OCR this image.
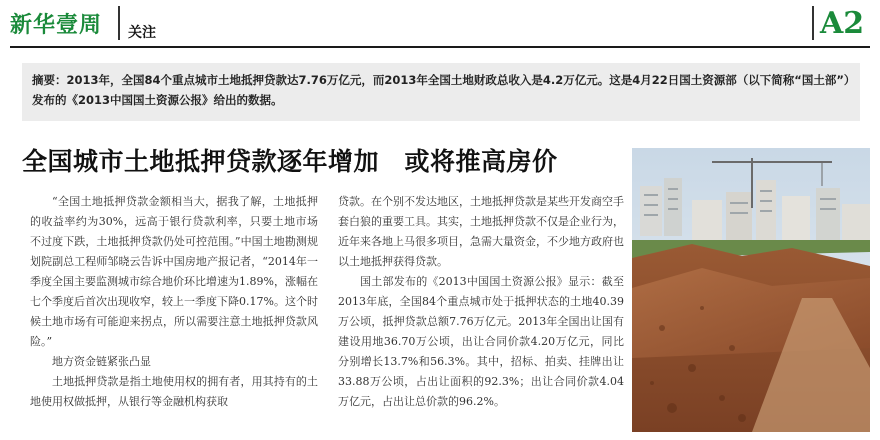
新华壹周 关注	A2
摘要：2013年，全国84个重点城市土地抵押贷款达7.76万亿元，而2013年全国土地财政总收入是4.2万亿元。这是4月22日国土资源部（以下简称“国土部”）发布的《2013中国国土资源公报》给出的数据。
全国城市土地抵押贷款逐年增加　或将推高房价

“全国土地抵押贷款金额相当大，据我了解，土地抵押的收益率约为30%，远高于银行贷款利率，只要土地市场不过度下跌，土地抵押贷款仍处可控范围。”中国土地勘测规划院副总工程师邹晓云告诉中国房地产报记者，“2014年一季度全国主要监测城市综合地价环比增速为1.89%，涨幅在七个季度后首次出现收窄，较上一季度下降0.17%。这个时候土地市场有可能迎来拐点，所以需要注意土地抵押贷款风险。”

地方资金链紧张凸显

土地抵押贷款是指土地使用权的拥有者，用其持有的土地使用权做抵押，从银行等金融机构获取

贷款。在个别不发达地区，土地抵押贷款是某些开发商空手套白狼的重要工具。其实，土地抵押贷款不仅是企业行为，近年来各地上马很多项目，急需大量资金，不少地方政府也以土地抵押获得贷款。

国土部发布的《2013中国国土资源公报》显示：截至2013年底，全国84个重点城市处于抵押状态的土地40.39万公顷，抵押贷款总额7.76万亿元。2013年全国出让国有建设用地36.70万公顷，出让合同价款4.20万亿元，同比分别增长13.7%和56.3%。其中，招标、拍卖、挂牌出让33.88万公顷，占出让面积的92.3%；出让合同价款4.04万亿元，占出让总价款的96.2%。
